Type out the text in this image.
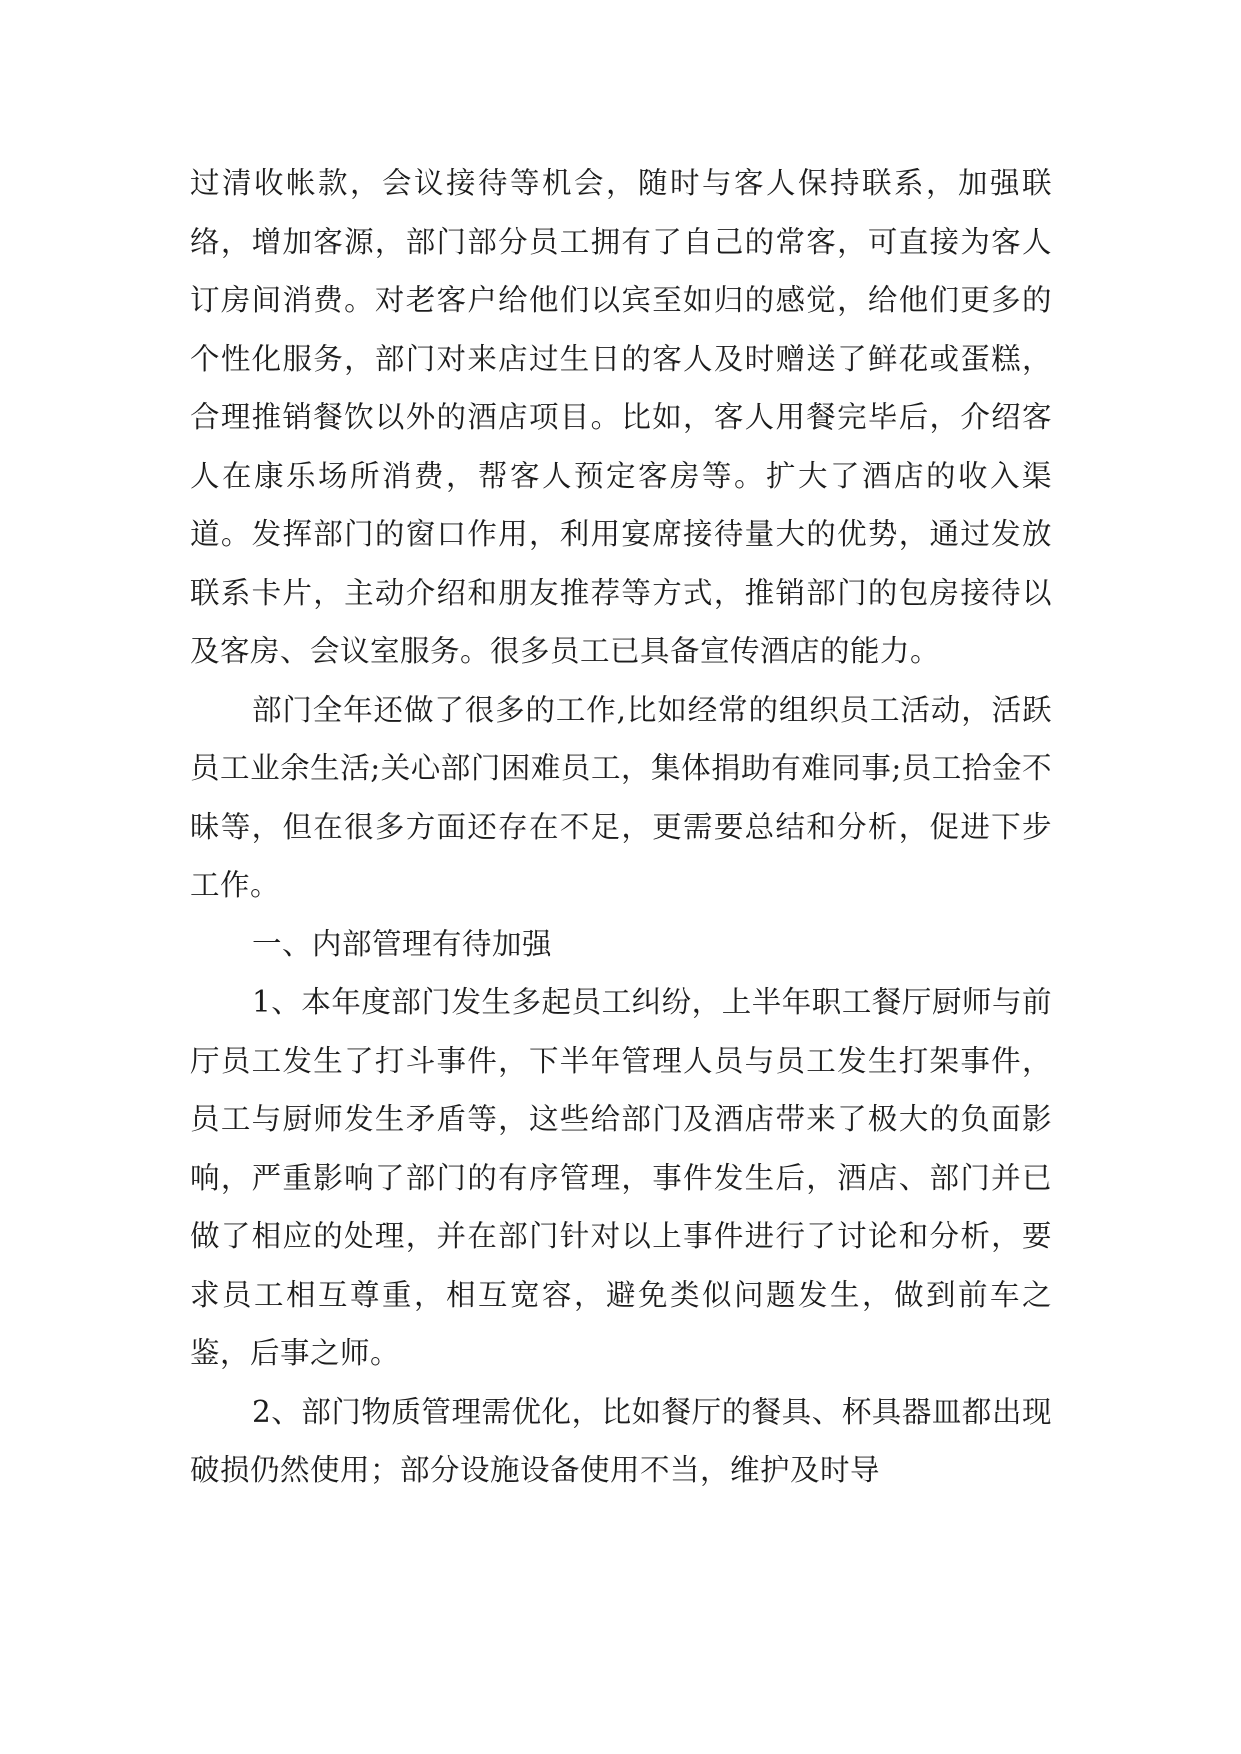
过清收帐款，会议接待等机会，随时与客人保持联系，加强联络，增加客源，部门部分员工拥有了自己的常客，可直接为客人订房间消费。对老客户给他们以宾至如归的感觉，给他们更多的个性化服务，部门对来店过生日的客人及时赠送了鲜花或蛋糕，合理推销餐饮以外的酒店项目。比如，客人用餐完毕后，介绍客人在康乐场所消费，帮客人预定客房等。扩大了酒店的收入渠道。发挥部门的窗口作用，利用宴席接待量大的优势，通过发放联系卡片，主动介绍和朋友推荐等方式，推销部门的包房接待以及客房、会议室服务。很多员工已具备宣传酒店的能力。

部门全年还做了很多的工作,比如经常的组织员工活动，活跃员工业余生活;关心部门困难员工，集体捐助有难同事;员工拾金不昧等，但在很多方面还存在不足，更需要总结和分析，促进下步工作。

一、内部管理有待加强

1、本年度部门发生多起员工纠纷，上半年职工餐厅厨师与前厅员工发生了打斗事件，下半年管理人员与员工发生打架事件，员工与厨师发生矛盾等，这些给部门及酒店带来了极大的负面影响，严重影响了部门的有序管理，事件发生后，酒店、部门并已做了相应的处理，并在部门针对以上事件进行了讨论和分析，要求员工相互尊重，相互宽容，避免类似问题发生，做到前车之鉴，后事之师。

2、部门物质管理需优化，比如餐厅的餐具、杯具器皿都出现破损仍然使用；部分设施设备使用不当，维护及时导
